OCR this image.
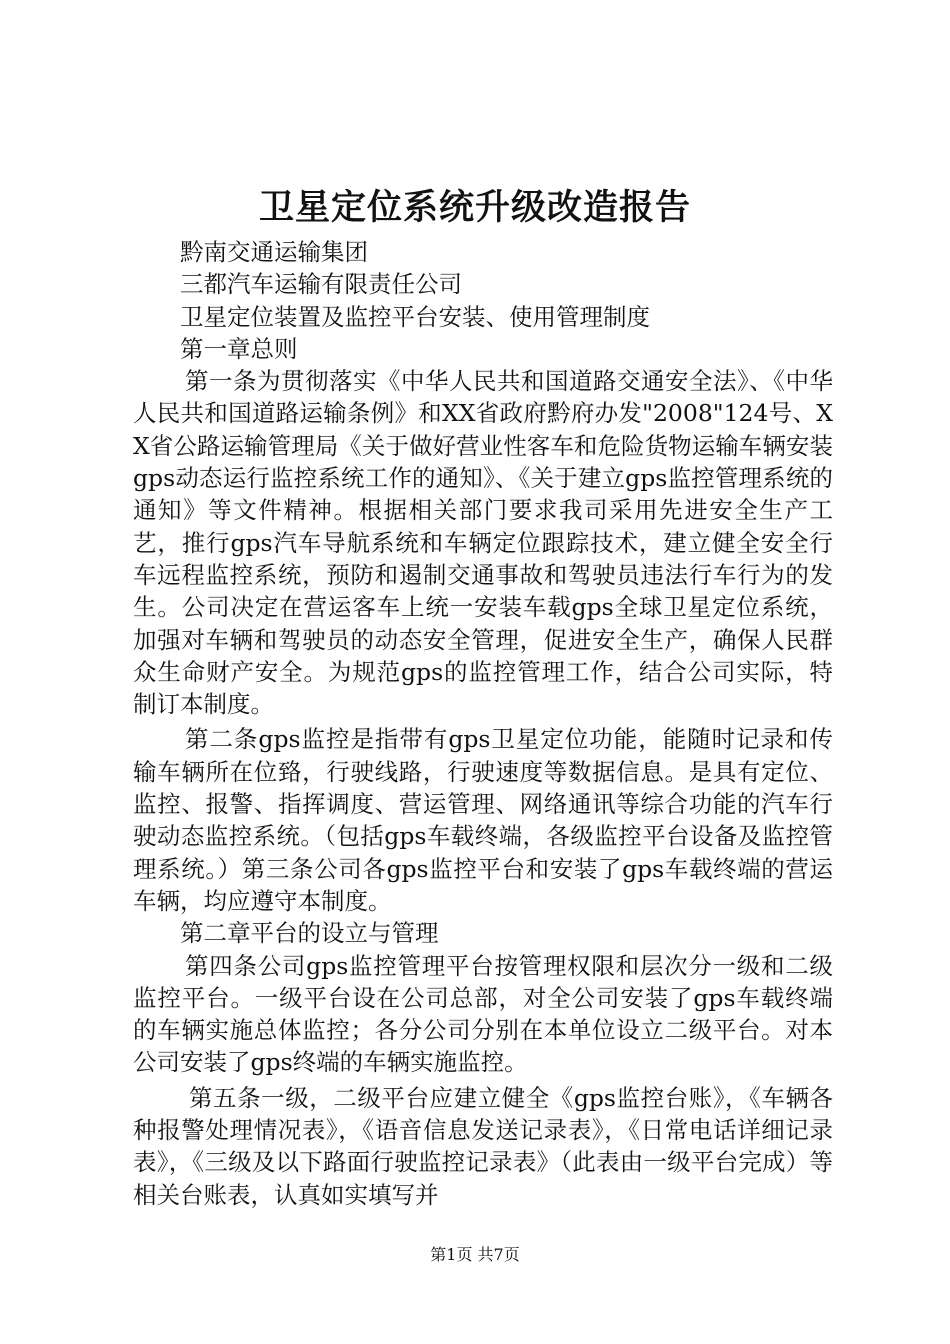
卫星定位系统升级改造报告

黔南交通运输集团

三都汽车运输有限责任公司

卫星定位装置及监控平台安装、使用管理制度

第一章总则

第一条为贯彻落实《中华人民共和国道路交通安全法》、《中华人民共和国道路运输条例》和XX省政府黔府办发"2008"124号、XX省公路运输管理局《关于做好营业性客车和危险货物运输车辆安装gps动态运行监控系统工作的通知》、《关于建立gps监控管理系统的通知》等文件精神。根据相关部门要求我司采用先进安全生产工艺，推行gps汽车导航系统和车辆定位跟踪技术，建立健全安全行车远程监控系统，预防和遏制交通事故和驾驶员违法行车行为的发生。公司决定在营运客车上统一安装车载gps全球卫星定位系统，加强对车辆和驾驶员的动态安全管理，促进安全生产，确保人民群众生命财产安全。为规范gps的监控管理工作，结合公司实际，特制订本制度。

第二条gps监控是指带有gps卫星定位功能，能随时记录和传输车辆所在位臵，行驶线路，行驶速度等数据信息。是具有定位、监控、报警、指挥调度、营运管理、网络通讯等综合功能的汽车行驶动态监控系统。（包括gps车载终端，各级监控平台设备及监控管理系统。）第三条公司各gps监控平台和安装了gps车载终端的营运车辆，均应遵守本制度。

第二章平台的设立与管理

第四条公司gps监控管理平台按管理权限和层次分一级和二级监控平台。一级平台设在公司总部，对全公司安装了gps车载终端的车辆实施总体监控；各分公司分别在本单位设立二级平台。对本公司安装了gps终端的车辆实施监控。

第五条一级，二级平台应建立健全《gps监控台账》，《车辆各种报警处理情况表》，《语音信息发送记录表》，《日常电话详细记录表》，《三级及以下路面行驶监控记录表》（此表由一级平台完成）等相关台账表，认真如实填写并

第1页 共7页
